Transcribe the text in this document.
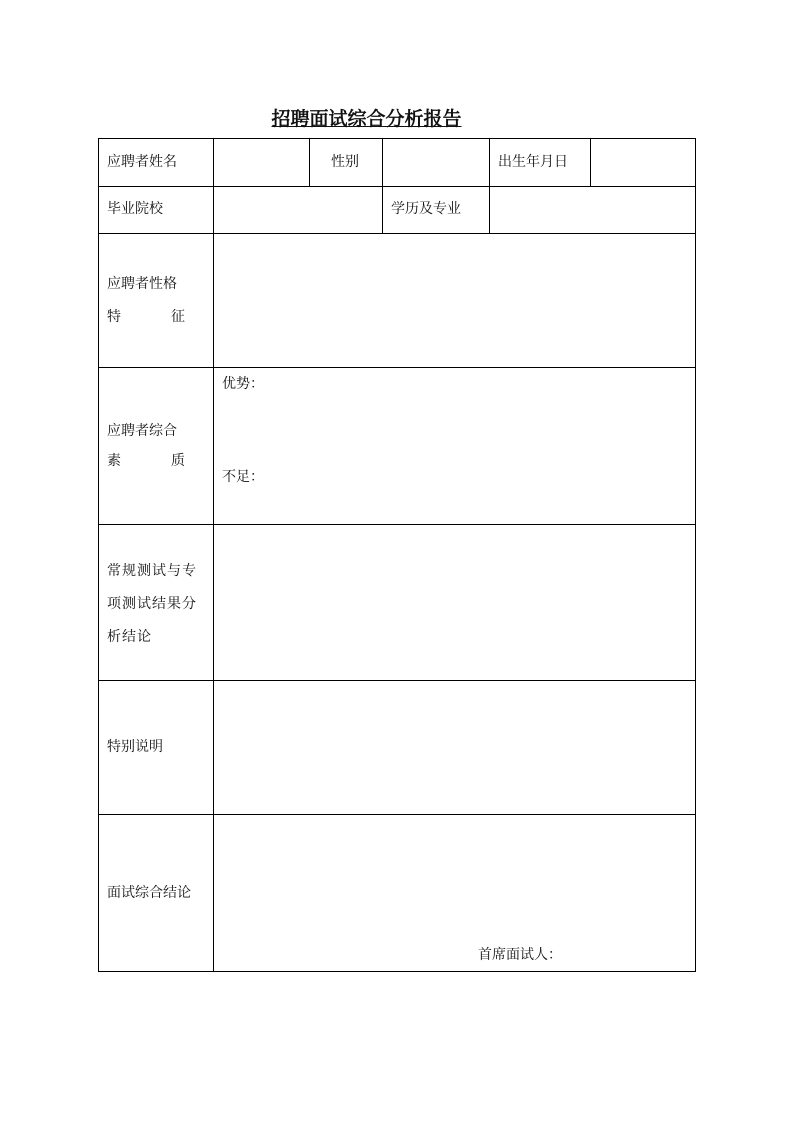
招聘面试综合分析报告
应聘者姓名	性别	出生年月日
毕业院校	学历及专业
应聘者性格
特	征
应聘者综合
素	质
优势：
不足：
常规测试与专项测试结果分析结论
特别说明
面试综合结论
首席面试人：
